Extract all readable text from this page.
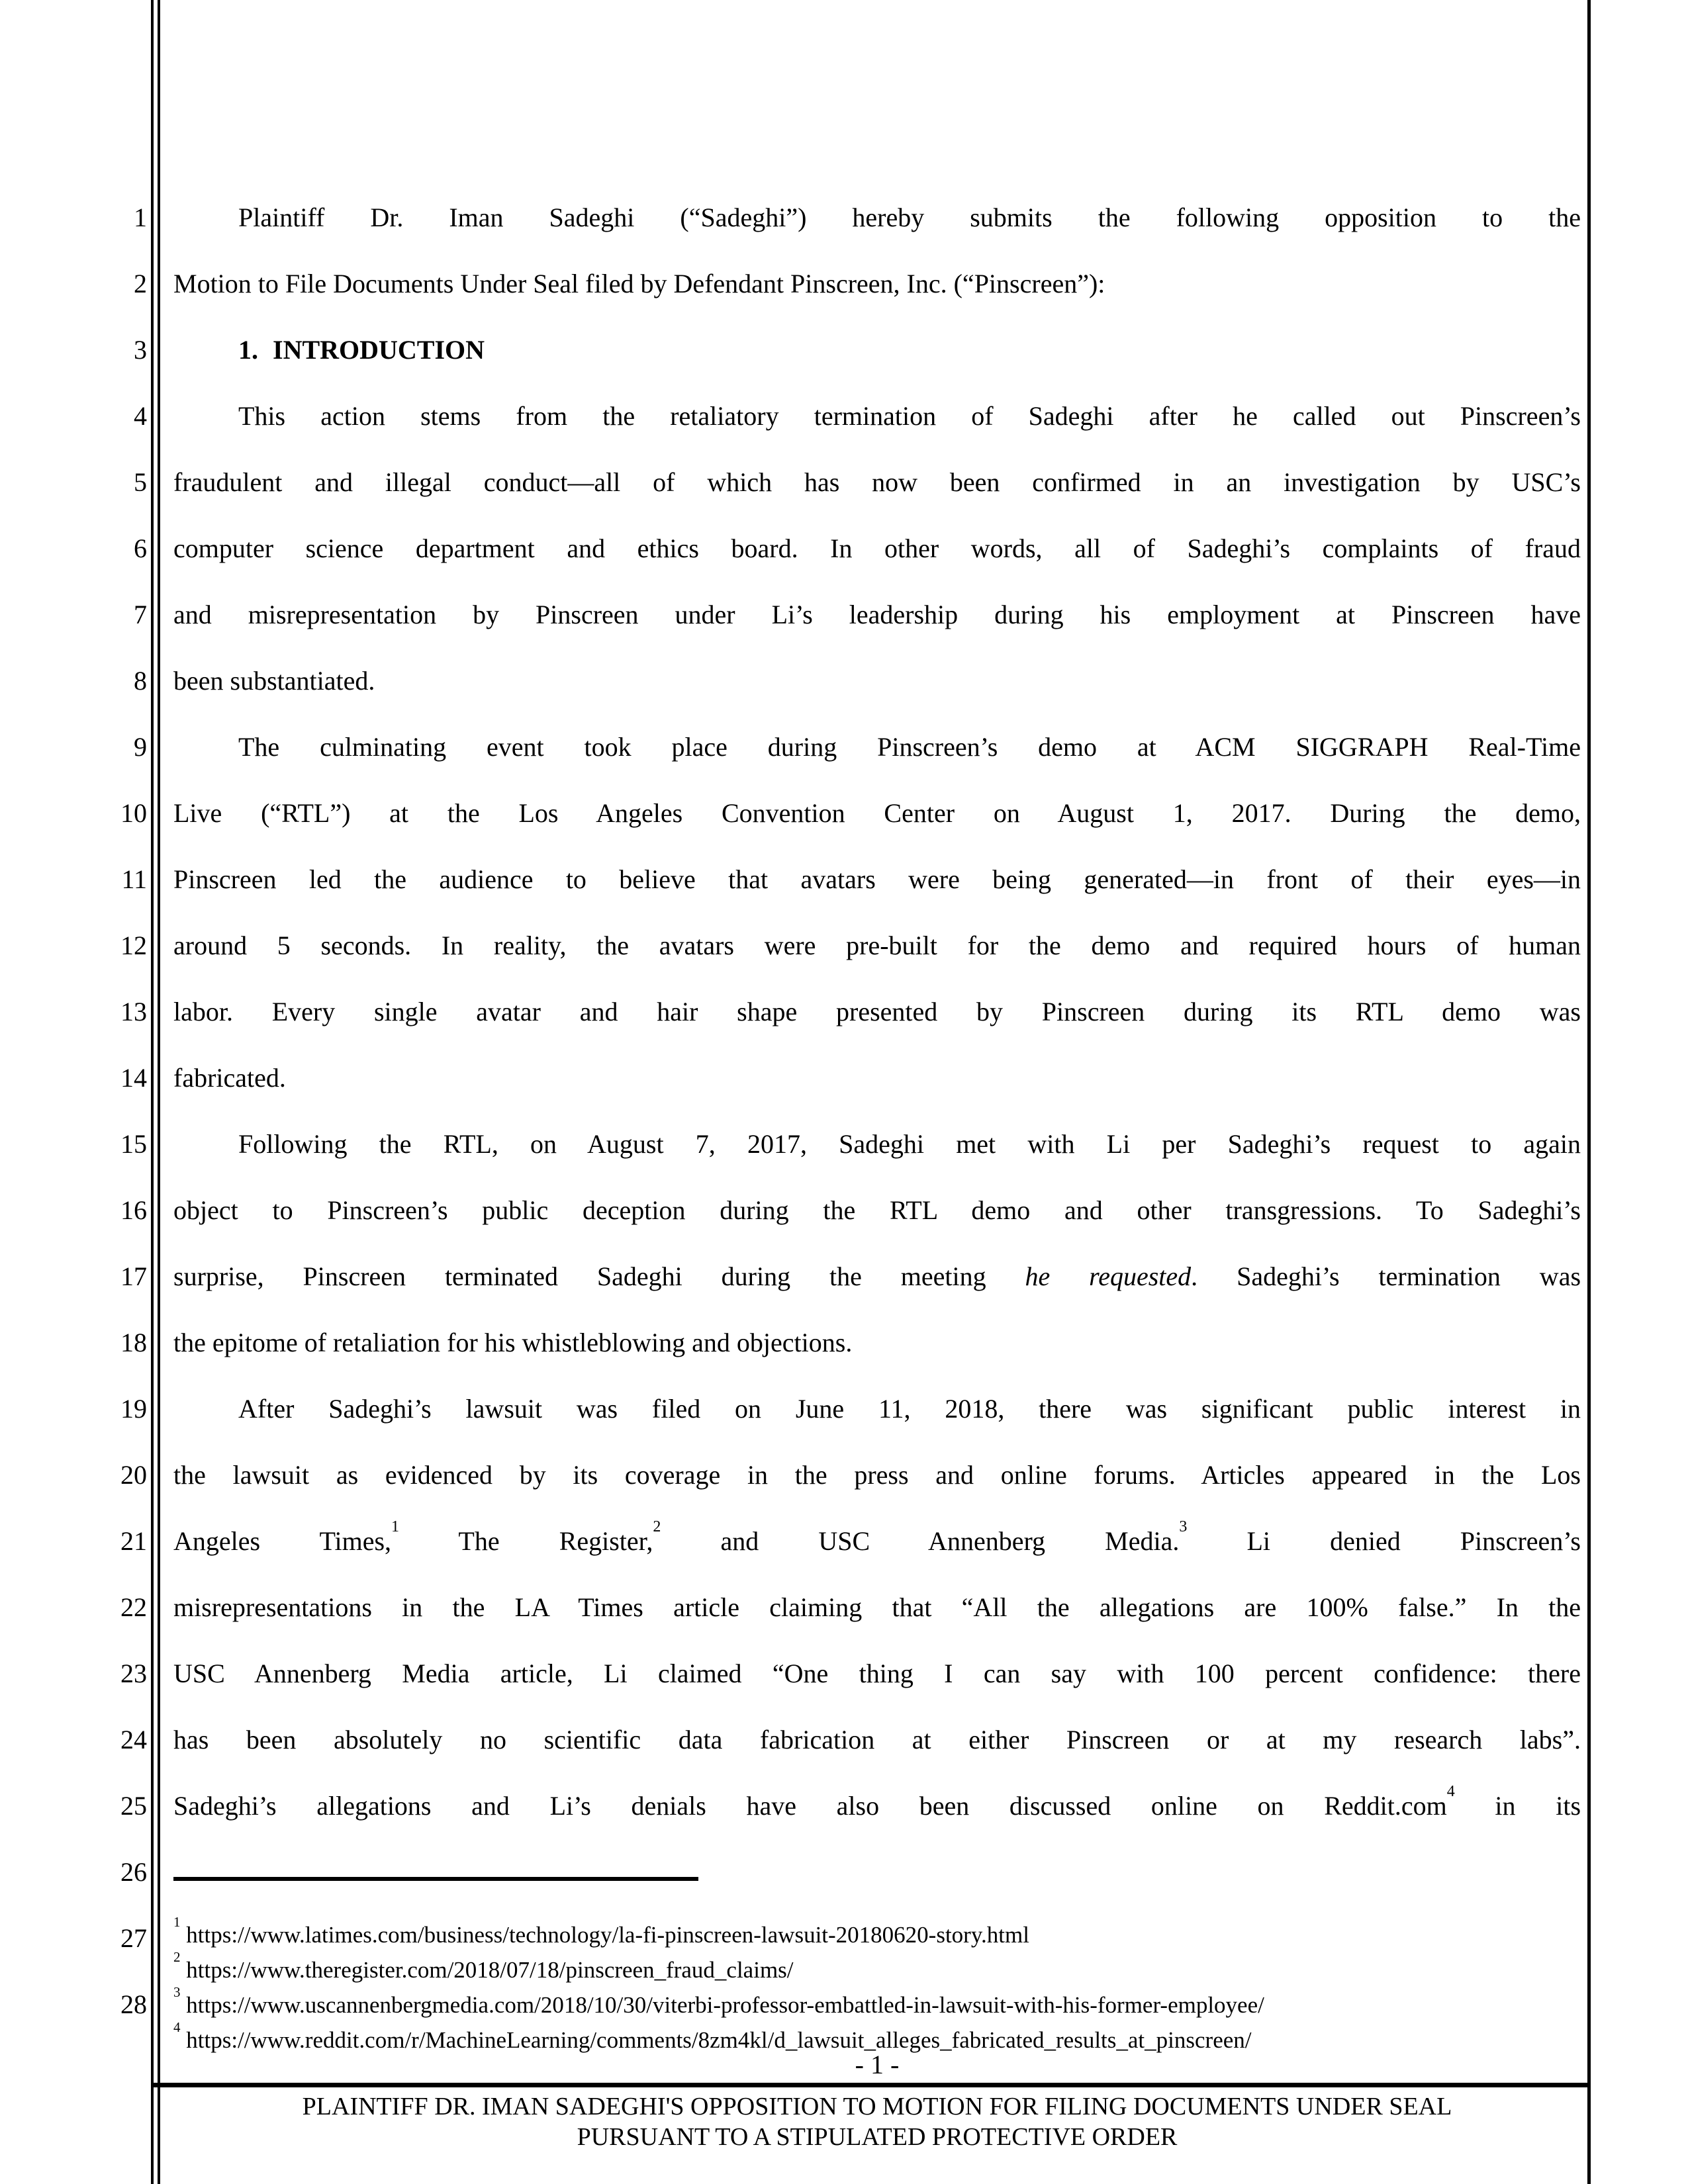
1
2
3
4
5
6
7
8
9
10
11
12
13
14
15
16
17
18
19
20
21
22
23
24
25
26
27
28
Plaintiff Dr. Iman Sadeghi (“Sadeghi”) hereby submits the following opposition to the
Motion to File Documents Under Seal filed by Defendant Pinscreen, Inc. (“Pinscreen”):
1. INTRODUCTION
This action stems from the retaliatory termination of Sadeghi after he called out Pinscreen’s
fraudulent and illegal conduct—all of which has now been confirmed in an investigation by USC’s
computer science department and ethics board. In other words, all of Sadeghi’s complaints of fraud
and misrepresentation by Pinscreen under Li’s leadership during his employment at Pinscreen have
been substantiated.
The culminating event took place during Pinscreen’s demo at ACM SIGGRAPH Real-Time
Live (“RTL”) at the Los Angeles Convention Center on August 1, 2017. During the demo,
Pinscreen led the audience to believe that avatars were being generated—in front of their eyes—in
around 5 seconds. In reality, the avatars were pre-built for the demo and required hours of human
labor. Every single avatar and hair shape presented by Pinscreen during its RTL demo was
fabricated.
Following the RTL, on August 7, 2017, Sadeghi met with Li per Sadeghi’s request to again
object to Pinscreen’s public deception during the RTL demo and other transgressions. To Sadeghi’s
surprise, Pinscreen terminated Sadeghi during the meeting he requested. Sadeghi’s termination was
the epitome of retaliation for his whistleblowing and objections.
After Sadeghi’s lawsuit was filed on June 11, 2018, there was significant public interest in
the lawsuit as evidenced by its coverage in the press and online forums. Articles appeared in the Los
Angeles Times,$^1$ The Register,$^2$ and USC Annenberg Media.$^3$ Li denied Pinscreen’s
misrepresentations in the LA Times article claiming that “All the allegations are 100% false.” In the
USC Annenberg Media article, Li claimed “One thing I can say with 100 percent confidence: there
has been absolutely no scientific data fabrication at either Pinscreen or at my research labs”.
Sadeghi’s allegations and Li’s denials have also been discussed online on Reddit.com$^4$ in its
$^1$ https://www.latimes.com/business/technology/la-fi-pinscreen-lawsuit-20180620-story.html
$^2$ https://www.theregister.com/2018/07/18/pinscreen_fraud_claims/
$^3$ https://www.uscannenbergmedia.com/2018/10/30/viterbi-professor-embattled-in-lawsuit-with-his-former-employee/
$^4$ https://www.reddit.com/r/MachineLearning/comments/8zm4kl/d_lawsuit_alleges_fabricated_results_at_pinscreen/
- 1 -
PLAINTIFF DR. IMAN SADEGHI'S OPPOSITION TO MOTION FOR FILING DOCUMENTS UNDER SEAL
PURSUANT TO A STIPULATED PROTECTIVE ORDER
